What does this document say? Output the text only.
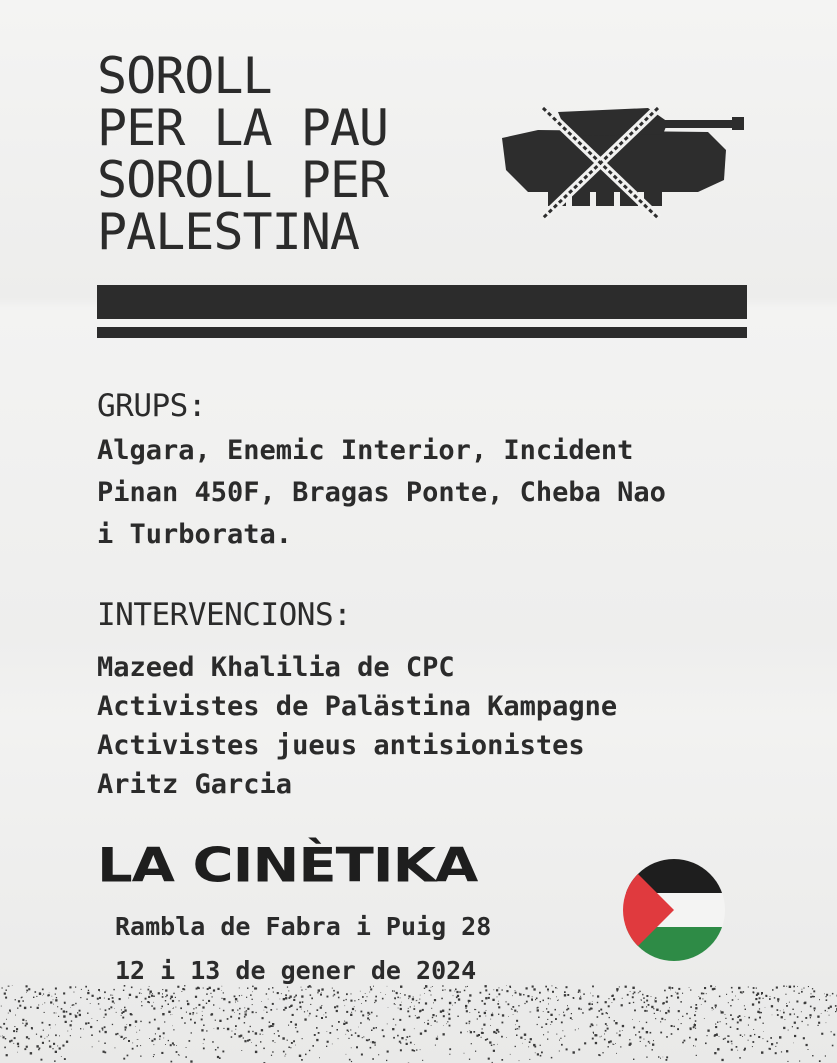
SOROLL
PER LA PAU
SOROLL PER
PALESTINA
GRUPS:
Algara, Enemic Interior, Incident
Pinan 450F, Bragas Ponte, Cheba Nao
i Turborata.
INTERVENCIONS:
Mazeed Khalilia de CPC
Activistes de Palästina Kampagne
Activistes jueus antisionistes
Aritz Garcia
LA CINÈTIKA
Rambla de Fabra i Puig 28
12 i 13 de gener de 2024
